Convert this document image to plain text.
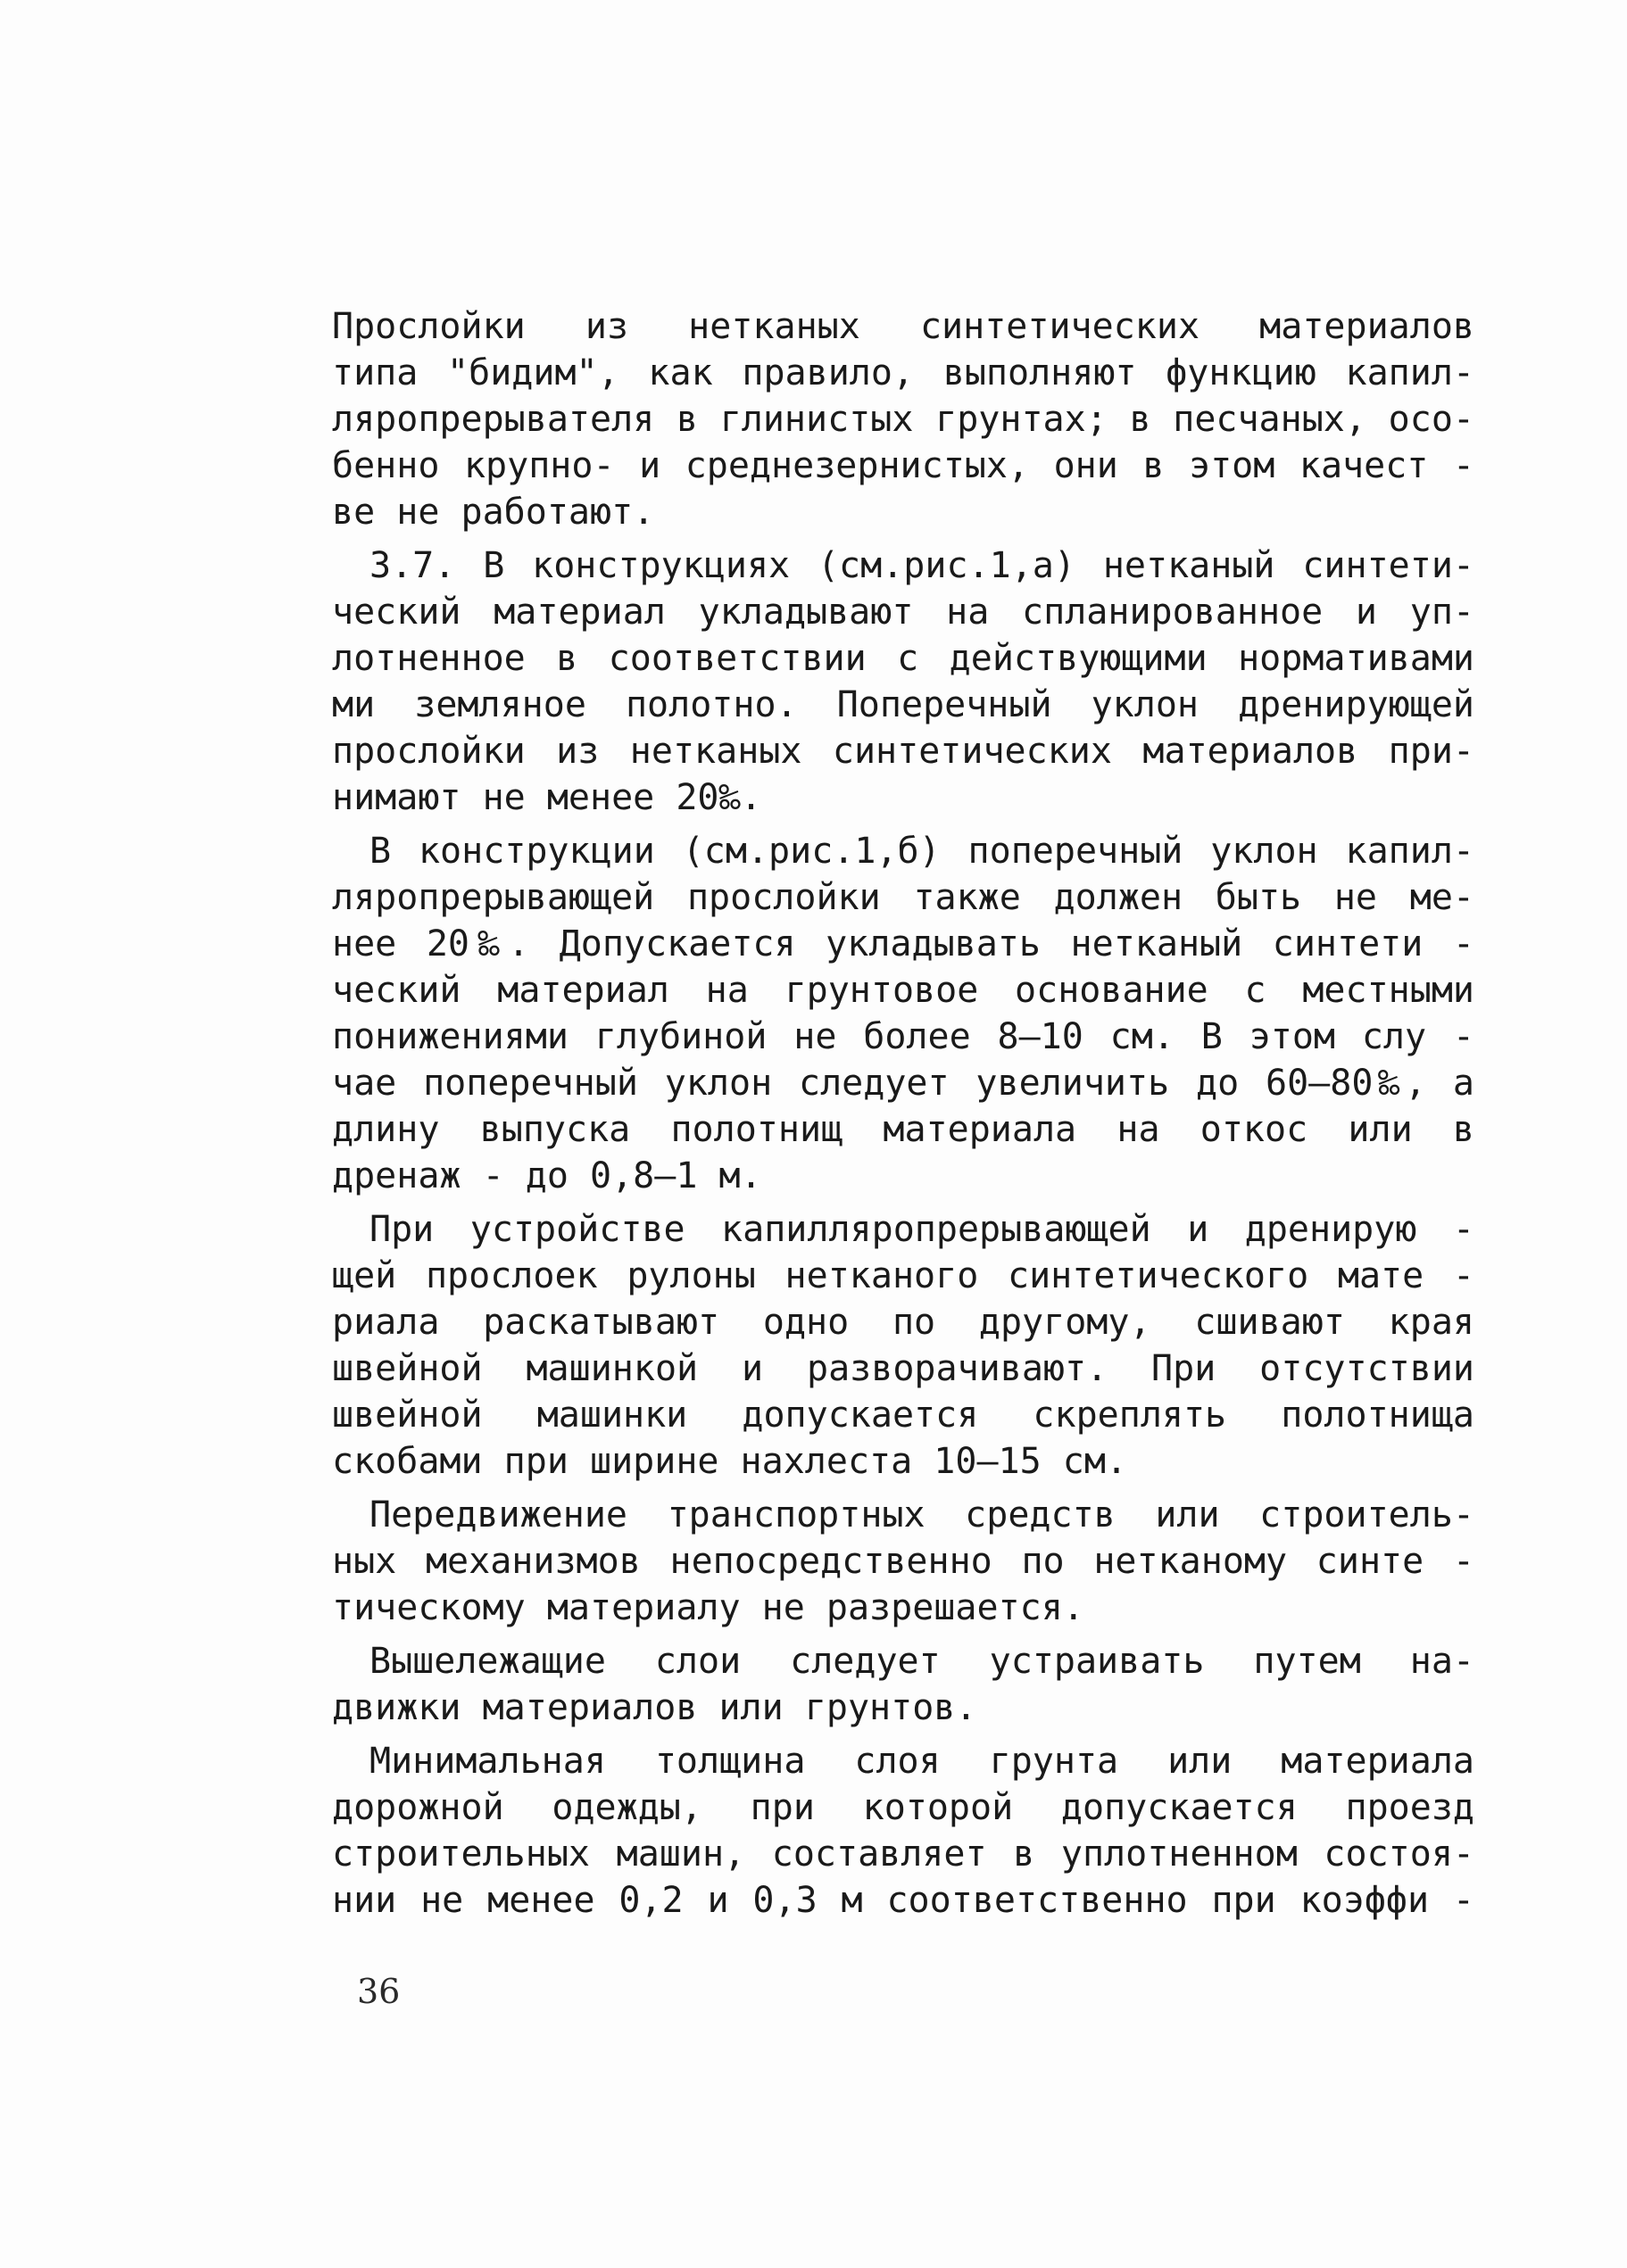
Прослойки из нетканых синтетических материалов
типа "бидим", как правило, выполняют функцию капил-
ляропрерывателя в глинистых грунтах; в песчаных, осо-
бенно крупно- и среднезернистых, они в этом качест -
ве не работают.
3.7. В конструкциях (см.рис.1,а) нетканый синтети-
ческий материал укладывают на спланированное и уп-
лотненное в соответствии с действующими нормативами
ми земляное полотно. Поперечный уклон дренирующей
прослойки из нетканых синтетических материалов при-
нимают не менее 20‰.
В конструкции (см.рис.1,б) поперечный уклон капил-
ляропрерывающей прослойки также должен быть не ме-
нее 20‰. Допускается укладывать нетканый синтети -
ческий материал на грунтовое основание с местными
понижениями глубиной не более 8–10 см. В этом слу -
чае поперечный уклон следует увеличить до 60–80‰, а
длину выпуска полотнищ материала на откос или в
дренаж - до 0,8–1 м.
При устройстве капилляропрерывающей и дренирую -
щей прослоек рулоны нетканого синтетического мате -
риала раскатывают одно по другому, сшивают края
швейной машинкой и разворачивают. При отсутствии
швейной машинки допускается скреплять полотнища
скобами при ширине нахлеста 10–15 см.
Передвижение транспортных средств или строитель-
ных механизмов непосредственно по нетканому синте -
тическому материалу не разрешается.
Вышележащие слои следует устраивать путем на-
движки материалов или грунтов.
Минимальная толщина слоя грунта или материала
дорожной одежды, при которой допускается проезд
строительных машин, составляет в уплотненном состоя-
нии не менее 0,2 и 0,3 м соответственно при коэффи -
36
